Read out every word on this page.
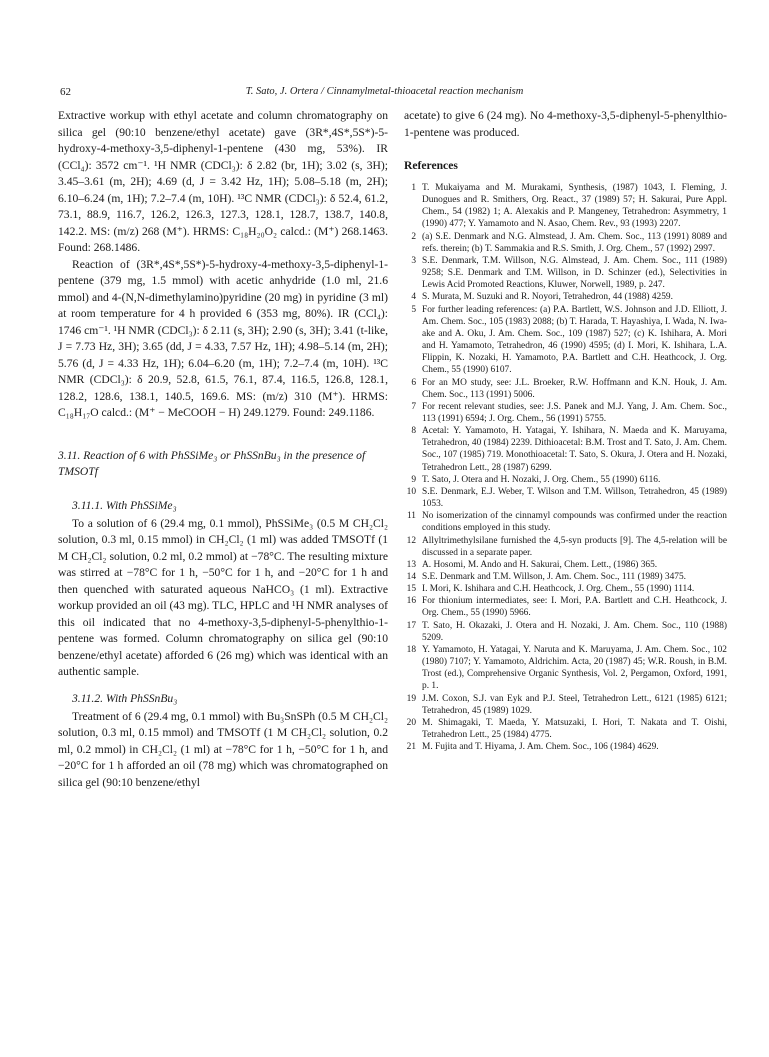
62	T. Sato, J. Ortera / Cinnamylmetal-thioacetal reaction mechanism

Extractive workup with ethyl acetate and column chromatography on silica gel (90:10 benzene/ethyl acetate) gave (3R*,4S*,5S*)-5-hydroxy-4-methoxy-3,5-diphenyl-1-pentene (430 mg, 53%). IR (CCl₄): 3572 cm⁻¹. ¹H NMR (CDCl₃): δ 2.82 (br, 1H); 3.02 (s, 3H); 3.45–3.61 (m, 2H); 4.69 (d, J = 3.42 Hz, 1H); 5.08–5.18 (m, 2H); 6.10–6.24 (m, 1H); 7.2–7.4 (m, 10H). ¹³C NMR (CDCl₃): δ 52.4, 61.2, 73.1, 88.9, 116.7, 126.2, 126.3, 127.3, 128.1, 128.7, 138.7, 140.8, 142.2. MS: (m/z) 268 (M⁺). HRMS: C₁₈H₂₀O₂ calcd.: (M⁺) 268.1463. Found: 268.1486.

Reaction of (3R*,4S*,5S*)-5-hydroxy-4-methoxy-3,5-diphenyl-1-pentene (379 mg, 1.5 mmol) with acetic anhydride (1.0 ml, 21.6 mmol) and 4-(N,N-dimethylamino)pyridine (20 mg) in pyridine (3 ml) at room temperature for 4 h provided 6 (353 mg, 80%). IR (CCl₄): 1746 cm⁻¹. ¹H NMR (CDCl₃): δ 2.11 (s, 3H); 2.90 (s, 3H); 3.41 (t-like, J = 7.73 Hz, 3H); 3.65 (dd, J = 4.33, 7.57 Hz, 1H); 4.98–5.14 (m, 2H); 5.76 (d, J = 4.33 Hz, 1H); 6.04–6.20 (m, 1H); 7.2–7.4 (m, 10H). ¹³C NMR (CDCl₃): δ 20.9, 52.8, 61.5, 76.1, 87.4, 116.5, 126.8, 128.1, 128.2, 128.6, 138.1, 140.5, 169.6. MS: (m/z) 310 (M⁺). HRMS: C₁₈H₁₇O calcd.: (M⁺ − MeCOOH − H) 249.1279. Found: 249.1186.

3.11. Reaction of 6 with PhSSiMe₃ or PhSSnBu₃ in the presence of TMSOTf
3.11.1. With PhSSiMe₃

To a solution of 6 (29.4 mg, 0.1 mmol), PhSSiMe₃ (0.5 M CH₂Cl₂ solution, 0.3 ml, 0.15 mmol) in CH₂Cl₂ (1 ml) was added TMSOTf (1 M CH₂Cl₂ solution, 0.2 ml, 0.2 mmol) at −78°C. The resulting mixture was stirred at −78°C for 1 h, −50°C for 1 h, and −20°C for 1 h and then quenched with saturated aqueous NaHCO₃ (1 ml). Extractive workup provided an oil (43 mg). TLC, HPLC and ¹H NMR analyses of this oil indicated that no 4-methoxy-3,5-diphenyl-5-phenylthio-1-pentene was formed. Column chromatography on silica gel (90:10 benzene/ethyl acetate) afforded 6 (26 mg) which was identical with an authentic sample.

3.11.2. With PhSSnBu₃

Treatment of 6 (29.4 mg, 0.1 mmol) with Bu₃SnSPh (0.5 M CH₂Cl₂ solution, 0.3 ml, 0.15 mmol) and TMSOTf (1 M CH₂Cl₂ solution, 0.2 ml, 0.2 mmol) in CH₂Cl₂ (1 ml) at −78°C for 1 h, −50°C for 1 h, and −20°C for 1 h afforded an oil (78 mg) which was chromatographed on silica gel (90:10 benzene/ethyl

acetate) to give 6 (24 mg). No 4-methoxy-3,5-diphenyl-5-phenylthio-1-pentene was produced.

References
1 T. Mukaiyama and M. Murakami, Synthesis, (1987) 1043, I. Fleming, J. Dunogues and R. Smithers, Org. React., 37 (1989) 57; H. Sakurai, Pure Appl. Chem., 54 (1982) 1; A. Alexakis and P. Mangeney, Tetrahedron: Asymmetry, 1 (1990) 477; Y. Yamamoto and N. Asao, Chem. Rev., 93 (1993) 2207.
2 (a) S.E. Denmark and N.G. Almstead, J. Am. Chem. Soc., 113 (1991) 8089 and refs. therein; (b) T. Sammakia and R.S. Smith, J. Org. Chem., 57 (1992) 2997.
3 S.E. Denmark, T.M. Willson, N.G. Almstead, J. Am. Chem. Soc., 111 (1989) 9258; S.E. Denmark and T.M. Willson, in D. Schinzer (ed.), Selectivities in Lewis Acid Promoted Reactions, Kluwer, Norwell, 1989, p. 247.
4 S. Murata, M. Suzuki and R. Noyori, Tetrahedron, 44 (1988) 4259.
5 For further leading references: (a) P.A. Bartlett, W.S. Johnson and J.D. Elliott, J. Am. Chem. Soc., 105 (1983) 2088; (b) T. Harada, T. Hayashiya, I. Wada, N. Iwa-ake and A. Oku, J. Am. Chem. Soc., 109 (1987) 527; (c) K. Ishihara, A. Mori and H. Yamamoto, Tetrahedron, 46 (1990) 4595; (d) I. Mori, K. Ishihara, L.A. Flippin, K. Nozaki, H. Yamamoto, P.A. Bartlett and C.H. Heathcock, J. Org. Chem., 55 (1990) 6107.
6 For an MO study, see: J.L. Broeker, R.W. Hoffmann and K.N. Houk, J. Am. Chem. Soc., 113 (1991) 5006.
7 For recent relevant studies, see: J.S. Panek and M.J. Yang, J. Am. Chem. Soc., 113 (1991) 6594; J. Org. Chem., 56 (1991) 5755.
8 Acetal: Y. Yamamoto, H. Yatagai, Y. Ishihara, N. Maeda and K. Maruyama, Tetrahedron, 40 (1984) 2239. Dithioacetal: B.M. Trost and T. Sato, J. Am. Chem. Soc., 107 (1985) 719. Monothioacetal: T. Sato, S. Okura, J. Otera and H. Nozaki, Tetrahedron Lett., 28 (1987) 6299.
9 T. Sato, J. Otera and H. Nozaki, J. Org. Chem., 55 (1990) 6116.
10 S.E. Denmark, E.J. Weber, T. Wilson and T.M. Willson, Tetrahedron, 45 (1989) 1053.
11 No isomerization of the cinnamyl compounds was confirmed under the reaction conditions employed in this study.
12 Allyltrimethylsilane furnished the 4,5-syn products [9]. The 4,5-relation will be discussed in a separate paper.
13 A. Hosomi, M. Ando and H. Sakurai, Chem. Lett., (1986) 365.
14 S.E. Denmark and T.M. Willson, J. Am. Chem. Soc., 111 (1989) 3475.
15 I. Mori, K. Ishihara and C.H. Heathcock, J. Org. Chem., 55 (1990) 1114.
16 For thionium intermediates, see: I. Mori, P.A. Bartlett and C.H. Heathcock, J. Org. Chem., 55 (1990) 5966.
17 T. Sato, H. Okazaki, J. Otera and H. Nozaki, J. Am. Chem. Soc., 110 (1988) 5209.
18 Y. Yamamoto, H. Yatagai, Y. Naruta and K. Maruyama, J. Am. Chem. Soc., 102 (1980) 7107; Y. Yamamoto, Aldrichim. Acta, 20 (1987) 45; W.R. Roush, in B.M. Trost (ed.), Comprehensive Organic Synthesis, Vol. 2, Pergamon, Oxford, 1991, p. 1.
19 J.M. Coxon, S.J. van Eyk and P.J. Steel, Tetrahedron Lett., 6121 (1985) 6121; Tetrahedron, 45 (1989) 1029.
20 M. Shimagaki, T. Maeda, Y. Matsuzaki, I. Hori, T. Nakata and T. Oishi, Tetrahedron Lett., 25 (1984) 4775.
21 M. Fujita and T. Hiyama, J. Am. Chem. Soc., 106 (1984) 4629.
